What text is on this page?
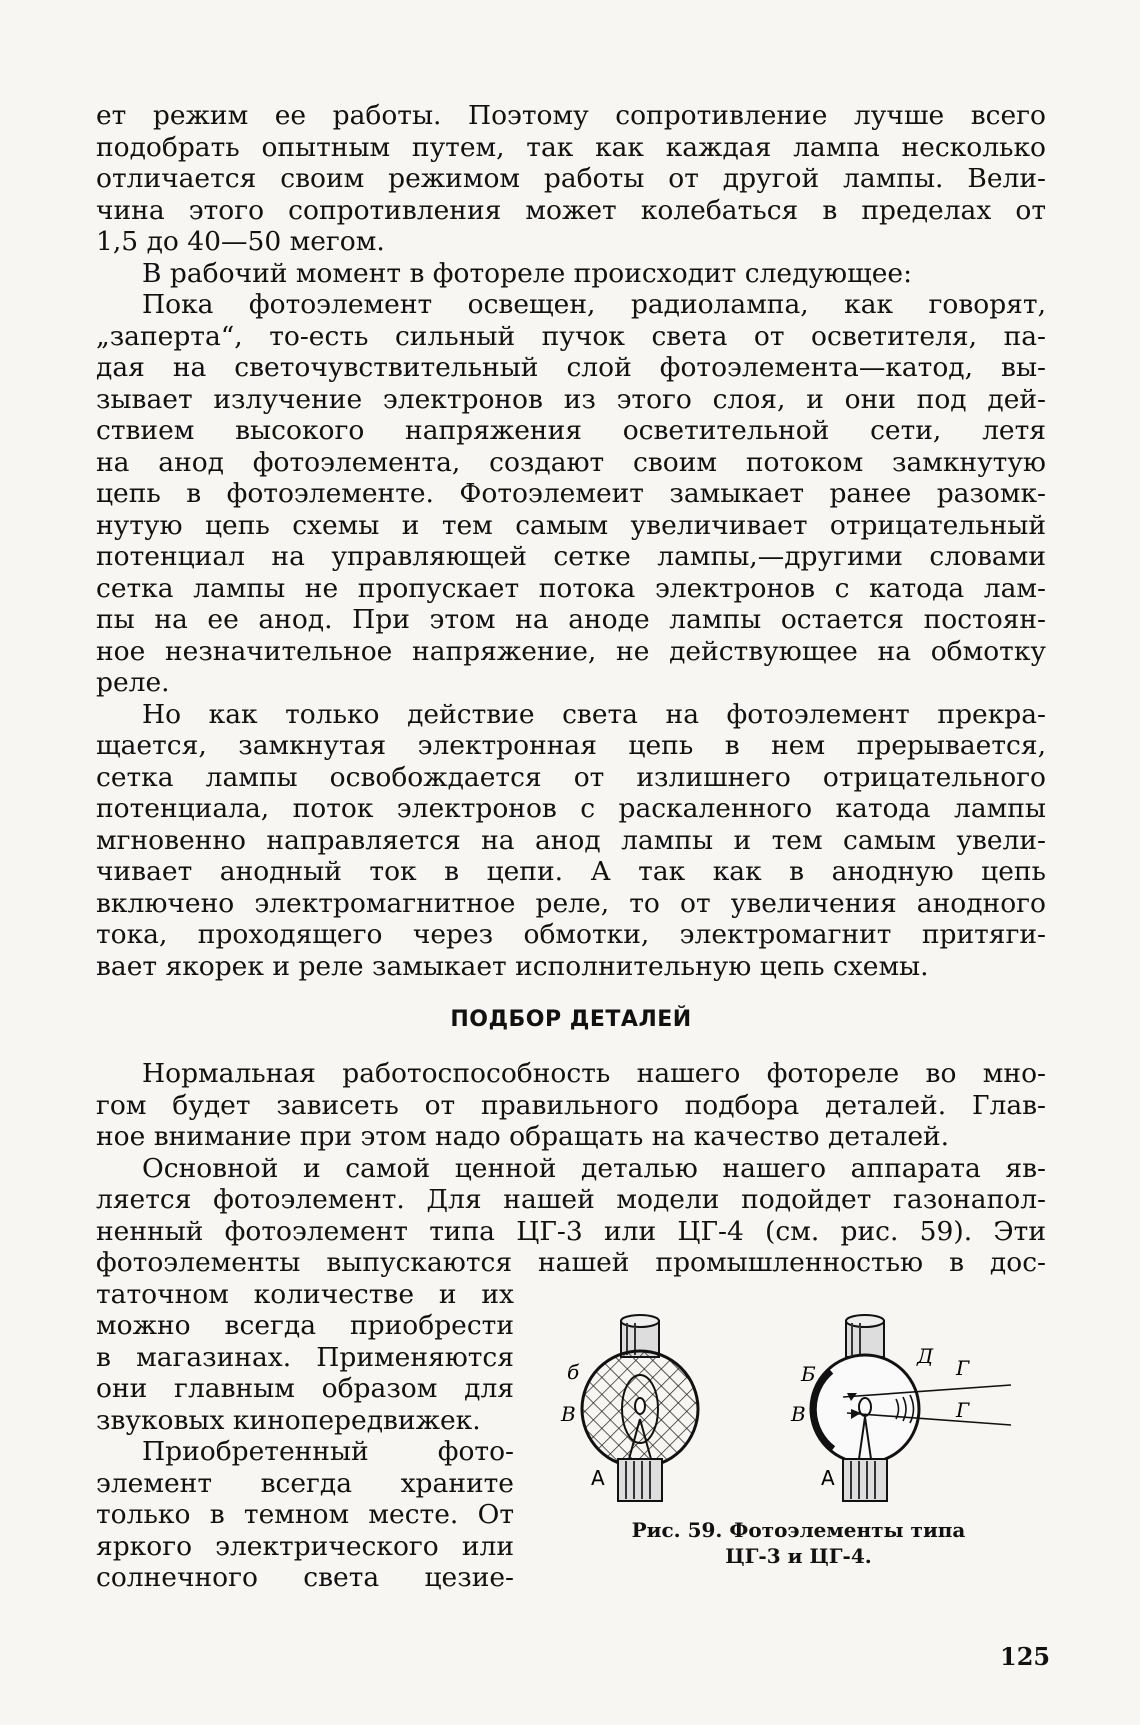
ет режим ее работы. Поэтому сопротивление лучше всего
подобрать опытным путем, так как каждая лампа несколько
отличается своим режимом работы от другой лампы. Вели-
чина этого сопротивления может колебаться в пределах от
1,5 до 40—50 мегом.
В рабочий момент в фотореле происходит следующее:
Пока фотоэлемент освещен, радиолампа, как говорят,
„заперта“, то-есть сильный пучок света от осветителя, па-
дая на светочувствительный слой фотоэлемента—катод, вы-
зывает излучение электронов из этого слоя, и они под дей-
ствием высокого напряжения осветительной сети, летя
на анод фотоэлемента, создают своим потоком замкнутую
цепь в фотоэлементе. Фотоэлемеит замыкает ранее разомк-
нутую цепь схемы и тем самым увеличивает отрицательный
потенциал на управляющей сетке лампы,—другими словами
сетка лампы не пропускает потока электронов с катода лам-
пы на ее анод. При этом на аноде лампы остается постоян-
ное незначительное напряжение, не действующее на обмотку
реле.
Но как только действие света на фотоэлемент прекра-
щается, замкнутая электронная цепь в нем прерывается,
сетка лампы освобождается от излишнего отрицательного
потенциала, поток электронов с раскаленного катода лампы
мгновенно направляется на анод лампы и тем самым увели-
чивает анодный ток в цепи. А так как в анодную цепь
включено электромагнитное реле, то от увеличения анодного
тока, проходящего через обмотки, электромагнит притяги-
вает якорек и реле замыкает исполнительную цепь схемы.
ПОДБОР ДЕТАЛЕЙ
Нормальная работоспособность нашего фотореле во мно-
гом будет зависеть от правильного подбора деталей. Глав-
ное внимание при этом надо обращать на качество деталей.
Основной и самой ценной деталью нашего аппарата яв-
ляется фотоэлемент. Для нашей модели подойдет газонапол-
ненный фотоэлемент типа ЦГ-3 или ЦГ-4 (см. рис. 59). Эти
фотоэлементы выпускаются нашей промышленностью в дос-
таточном количестве и их
можно всегда приобрести
в магазинах. Применяются
они главным образом для
звуковых кинопередвижек.
Приобретенный фото-
элемент всегда храните
только в темном месте. От
яркого электрического или
солнечного света цезие-
б
В
А
Б
В
А
Д Г
Г
Рис. 59. Фотоэлементы типа
ЦГ-3 и ЦГ-4.
125
